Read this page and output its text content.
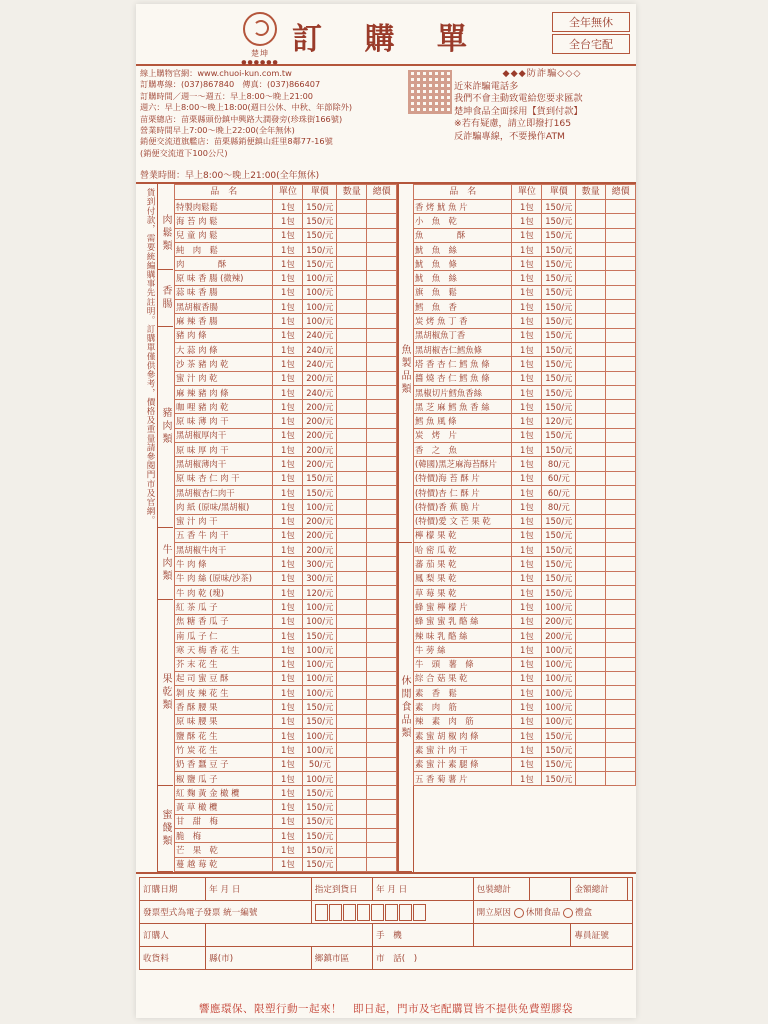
楚坤
●●●●●●
訂 購 單	全年無休
全台宅配
線上購物官網：www.chuoi-kun.com.tw
訂購專線：(037)867840　傳真：(037)866407
訂購時間／週一～週五：早上8:00～晚上21:00
週六：早上8:00～晚上18:00(週日公休、中秋、年節除外)
苗栗總店：苗栗縣頭份鎮中興路大潤發旁(珍珠街166號)
營業時間早上7:00～晚上22:00(全年無休)
銷便交流道旗艦店：苗栗縣銷便鎮山莊里8鄰77-16號
(銷便交流道下100公尺)
◆◆◆防詐騙◇◇◇
近來詐騙電話多
我們不會主動致電給您要求匯款
楚坤食品全面採用【貨到付款】
※若有疑慮，請立即撥打165
反詐騙專線，不要操作ATM
營業時間：早上8:00～晚上21:00(全年無休)
貨到付款，需要統編購事先註明。訂購單僅供參考，價格及重量請參閱門市及官網。 肉鬆類
香腸
豬肉類
牛肉類
果乾類
蜜餞類
品　名	單位	單價	數量	總價
特製肉鬆鬆	1包	150/元		
海 苔 肉 鬆	1包	150/元		
兒 童 肉 鬆	1包	150/元		
純　肉　鬆	1包	150/元		
肉　　　　酥	1包	150/元		
原 味 香 腸 (微辣)	1包	100/元		
蒜 味 香 腸	1包	100/元		
黑胡椒香腸	1包	100/元		
麻 辣 香 腸	1包	100/元		
豬 肉 條	1包	240/元		
大 蒜 肉 條	1包	240/元		
沙 茶 豬 肉 乾	1包	240/元		
蜜 汁 肉 乾	1包	200/元		
麻 辣 豬 肉 條	1包	240/元		
咖 哩 豬 肉 乾	1包	200/元		
原 味 薄 肉 干	1包	200/元		
黑胡椒厚肉干	1包	200/元		
原 味 厚 肉 干	1包	200/元		
黑胡椒薄肉干	1包	200/元		
原 味 杏 仁 肉 干	1包	150/元		
黑胡椒杏仁肉干	1包	150/元		
肉 紙 (原味/黑胡椒)	1包	100/元		
蜜 汁 肉 干	1包	200/元		
五 香 牛 肉 干	1包	200/元		
黑胡椒牛肉干	1包	200/元		
牛 肉 條	1包	300/元		
牛 肉 絲 (原味/沙茶)	1包	300/元		
牛 肉 乾 (塊)	1包	120/元		
紅 茶 瓜 子	1包	100/元		
焦 糖 香 瓜 子	1包	100/元		
南 瓜 子 仁	1包	150/元		
寒 天 梅 香 花 生	1包	100/元		
芥 末 花 生	1包	100/元		
起 司 蜜 豆 酥	1包	100/元		
剝 皮 辣 花 生	1包	100/元		
香 酥 腰 果	1包	150/元		
原 味 腰 果	1包	150/元		
鹽 酥 花 生	1包	100/元		
竹 炭 花 生	1包	100/元		
奶 香 蠶 豆 子	1包	50/元		
椒 鹽 瓜 子	1包	100/元		
紅 麴 黃 金 橄 欖	1包	150/元		
黃 草 橄 欖	1包	150/元		
甘　甜　梅	1包	150/元		
脆　梅	1包	150/元		
芒　果　乾	1包	150/元		
蔓 越 莓 乾	1包	150/元		
魚製品類
休閒食品類
品　名	單位	單價	數量	總價
香 烤 魷 魚 片	1包	150/元		
小　魚　乾	1包	150/元		
魚　　　　酥	1包	150/元		
魷　魚　絲	1包	150/元		
魷　魚　條	1包	150/元		
魷　魚　絲	1包	150/元		
旗　魚　鬆	1包	150/元		
鱈　魚　香	1包	150/元		
炭 烤 魚 丁 香	1包	150/元		
黑胡椒魚丁香	1包	150/元		
黑胡椒杏仁鱈魚條	1包	150/元		
塔 香 杏 仁 鱈 魚 條	1包	150/元		
醬 燒 杏 仁 鱈 魚 條	1包	150/元		
黑椒切片鱈魚香絲	1包	150/元		
黑 芝 麻 鱈 魚 香 絲	1包	150/元		
鱈 魚 風 條	1包	120/元		
炭　烤　片	1包	150/元		
香　之　魚	1包	150/元		
(韓國)黑芝麻海苔酥片	1包	80/元		
(特價)海 苔 酥 片	1包	60/元		
(特價)杏 仁 酥 片	1包	60/元		
(特價)香 蕉 脆 片	1包	80/元		
(特價)愛 文 芒 果 乾	1包	150/元		
檸 檬 果 乾	1包	150/元		
哈 密 瓜 乾	1包	150/元		
蕃 茄 果 乾	1包	150/元		
鳳 梨 果 乾	1包	150/元		
草 莓 果 乾	1包	150/元		
蜂 蜜 檸 檬 片	1包	100/元		
蜂 蜜 蜜 乳 酪 絲	1包	200/元		
辣 味 乳 酪 絲	1包	200/元		
牛 蒡 絲	1包	100/元		
牛　頭　薯　條	1包	100/元		
綜 合 菇 果 乾	1包	100/元		
素　香　鬆	1包	100/元		
素　肉　筋	1包	100/元		
辣　素　肉　筋	1包	100/元		
素 蜜 胡 椒 肉 條	1包	150/元		
素 蜜 汁 肉 干	1包	150/元		
素 蜜 汁 素 腿 條	1包	150/元		
五 香 菊 薯 片	1包	150/元		
訂購日期	年 月 日	指定到貨日	年 月 日	包裝總計		金額總計	
發票型式為電子發票 統一編號				開立原因 休閒食品 禮盒			
訂購人			手　機			專員証號	
收貨料	縣(市)	鄉鎮市區	市　話(　)				
響應環保、限塑行動一起來！　即日起，門市及宅配購買皆不提供免費塑膠袋
